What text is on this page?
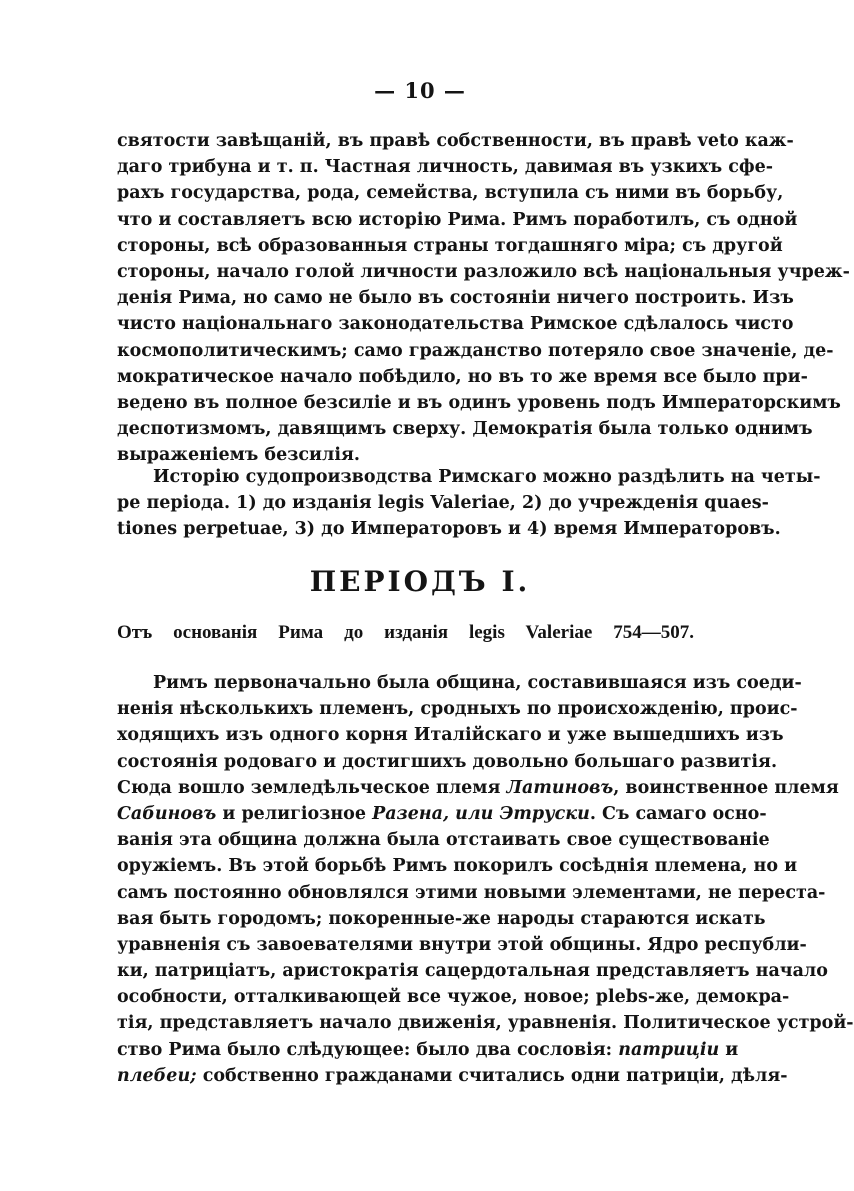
— 10 —
святости завѣщаній, въ правѣ собственности, въ правѣ veto каж-
даго трибуна и т. п. Частная личность, давимая въ узкихъ сфе-
рахъ государства, рода, семейства, вступила съ ними въ борьбу,
что и составляетъ всю исторію Рима. Римъ поработилъ, съ одной
стороны, всѣ образованныя страны тогдашняго міра; съ другой
стороны, начало голой личности разложило всѣ національныя учреж-
денія Рима, но само не было въ состояніи ничего построить. Изъ
чисто національнаго законодательства Римское сдѣлалось чисто
космополитическимъ; само гражданство потеряло свое значеніе, де-
мократическое начало побѣдило, но въ то же время все было при-
ведено въ полное безсиліе и въ одинъ уровень подъ Императорскимъ
деспотизмомъ, давящимъ сверху. Демократія была только однимъ
выраженіемъ безсилія.
Исторію судопроизводства Римскаго можно раздѣлить на четы-
ре періода. 1) до изданія legis Valeriae, 2) до учрежденія quaes-
tiones perpetuae, 3) до Императоровъ и 4) время Императоровъ.
ПЕРІОДЪ I.
Отъ основанія Рима до изданія legis Valeriae 754—507.
Римъ первоначально была община, составившаяся изъ соеди-
ненія нѣсколькихъ племенъ, сродныхъ по происхожденію, проис-
ходящихъ изъ одного корня Италійскаго и уже вышедшихъ изъ
состоянія родоваго и достигшихъ довольно большаго развитія.
Сюда вошло земледѣльческое племя Латиновъ, воинственное племя
Сабиновъ и религіозное Разена, или Этруски. Съ самаго осно-
ванія эта община должна была отстаивать свое существованіе
оружіемъ. Въ этой борьбѣ Римъ покорилъ сосѣднія племена, но и
самъ постоянно обновлялся этими новыми элементами, не переста-
вая быть городомъ; покоренные-же народы стараются искать
уравненія съ завоевателями внутри этой общины. Ядро республи-
ки, патриціатъ, аристократія сацердотальная представляетъ начало
особности, отталкивающей все чужое, новое; plebs-же, демокра-
тія, представляетъ начало движенія, уравненія. Политическое устрой-
ство Рима было слѣдующее: было два сословія: патриціи и
плебеи; собственно гражданами считались одни патриціи, дѣля-
